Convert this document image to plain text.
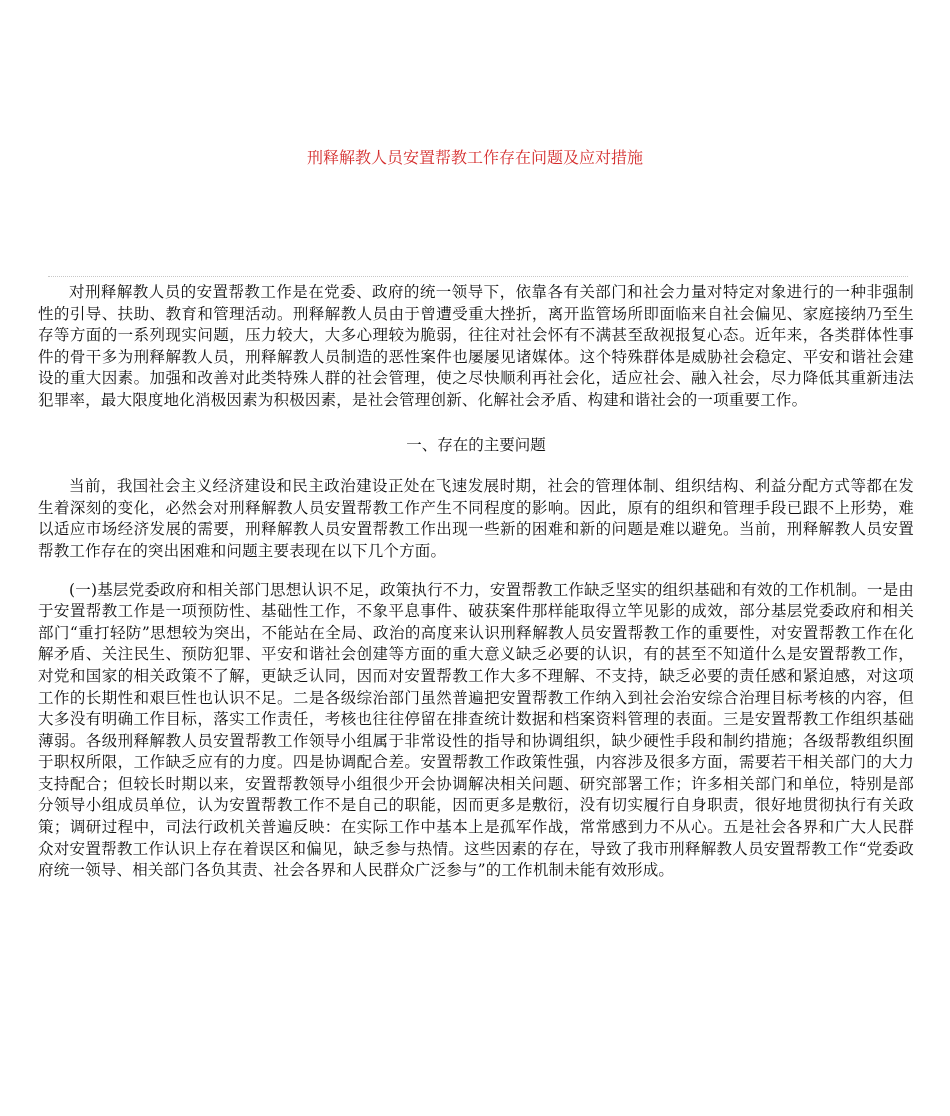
刑释解教人员安置帮教工作存在问题及应对措施

对刑释解教人员的安置帮教工作是在党委、政府的统一领导下，依靠各有关部门和社会力量对特定对象进行的一种非强制性的引导、扶助、教育和管理活动。刑释解教人员由于曾遭受重大挫折，离开监管场所即面临来自社会偏见、家庭接纳乃至生存等方面的一系列现实问题，压力较大，大多心理较为脆弱，往往对社会怀有不满甚至敌视报复心态。近年来，各类群体性事件的骨干多为刑释解教人员，刑释解教人员制造的恶性案件也屡屡见诸媒体。这个特殊群体是威胁社会稳定、平安和谐社会建设的重大因素。加强和改善对此类特殊人群的社会管理，使之尽快顺利再社会化，适应社会、融入社会，尽力降低其重新违法犯罪率，最大限度地化消极因素为积极因素，是社会管理创新、化解社会矛盾、构建和谐社会的一项重要工作。

一、存在的主要问题

当前，我国社会主义经济建设和民主政治建设正处在飞速发展时期，社会的管理体制、组织结构、利益分配方式等都在发生着深刻的变化，必然会对刑释解教人员安置帮教工作产生不同程度的影响。因此，原有的组织和管理手段已跟不上形势，难以适应市场经济发展的需要，刑释解教人员安置帮教工作出现一些新的困难和新的问题是难以避免。当前，刑释解教人员安置帮教工作存在的突出困难和问题主要表现在以下几个方面。

(一)基层党委政府和相关部门思想认识不足，政策执行不力，安置帮教工作缺乏坚实的组织基础和有效的工作机制。一是由于安置帮教工作是一项预防性、基础性工作，不象平息事件、破获案件那样能取得立竿见影的成效，部分基层党委政府和相关部门“重打轻防”思想较为突出，不能站在全局、政治的高度来认识刑释解教人员安置帮教工作的重要性，对安置帮教工作在化解矛盾、关注民生、预防犯罪、平安和谐社会创建等方面的重大意义缺乏必要的认识，有的甚至不知道什么是安置帮教工作，对党和国家的相关政策不了解，更缺乏认同，因而对安置帮教工作大多不理解、不支持，缺乏必要的责任感和紧迫感，对这项工作的长期性和艰巨性也认识不足。二是各级综治部门虽然普遍把安置帮教工作纳入到社会治安综合治理目标考核的内容，但大多没有明确工作目标，落实工作责任，考核也往往停留在排查统计数据和档案资料管理的表面。三是安置帮教工作组织基础薄弱。各级刑释解教人员安置帮教工作领导小组属于非常设性的指导和协调组织，缺少硬性手段和制约措施；各级帮教组织囿于职权所限，工作缺乏应有的力度。四是协调配合差。安置帮教工作政策性强，内容涉及很多方面，需要若干相关部门的大力支持配合；但较长时期以来，安置帮教领导小组很少开会协调解决相关问题、研究部署工作；许多相关部门和单位，特别是部分领导小组成员单位，认为安置帮教工作不是自己的职能，因而更多是敷衍，没有切实履行自身职责，很好地贯彻执行有关政策；调研过程中，司法行政机关普遍反映：在实际工作中基本上是孤军作战，常常感到力不从心。五是社会各界和广大人民群众对安置帮教工作认识上存在着误区和偏见，缺乏参与热情。这些因素的存在，导致了我市刑释解教人员安置帮教工作“党委政府统一领导、相关部门各负其责、社会各界和人民群众广泛参与”的工作机制未能有效形成。
